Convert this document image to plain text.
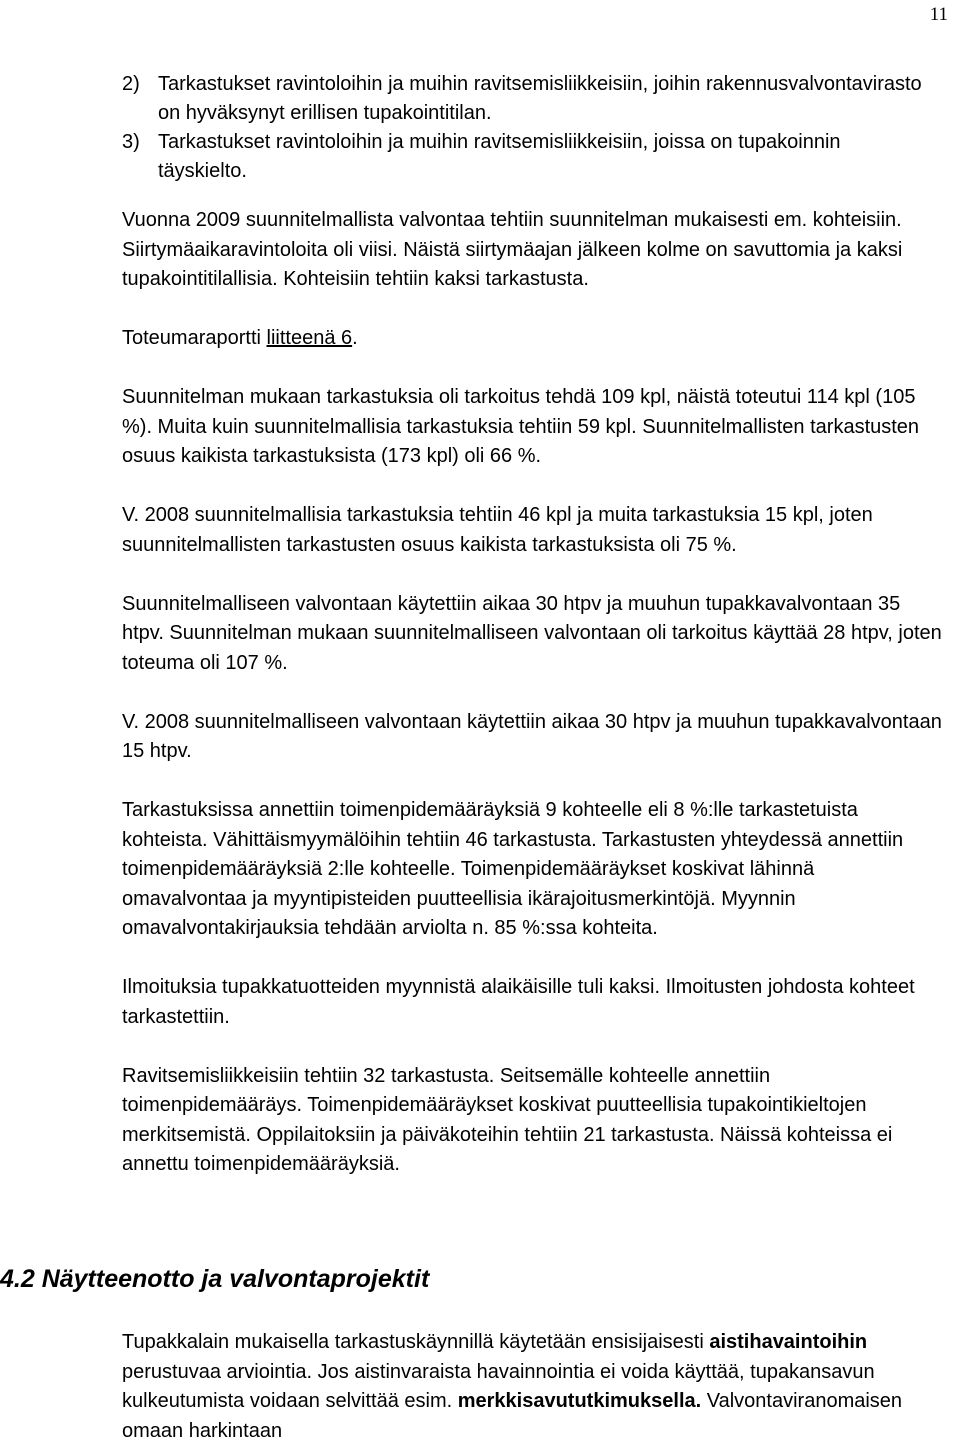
11
2) Tarkastukset ravintoloihin ja muihin ravitsemisliikkeisiin, joihin rakennusvalvontavirasto on hyväksynyt erillisen tupakointitilan.
3) Tarkastukset ravintoloihin ja muihin ravitsemisliikkeisiin, joissa on tupakoinnin täyskielto.

Vuonna 2009 suunnitelmallista valvontaa tehtiin suunnitelman mukaisesti em. kohteisiin. Siirtymäaikaravintoloita oli viisi. Näistä siirtymäajan jälkeen kolme on savuttomia ja kaksi tupakointitilallisia. Kohteisiin tehtiin kaksi tarkastusta.

Toteumaraportti liitteenä 6.

Suunnitelman mukaan tarkastuksia oli tarkoitus tehdä 109 kpl, näistä toteutui 114 kpl (105 %). Muita kuin suunnitelmallisia tarkastuksia tehtiin 59 kpl. Suunnitelmallisten tarkastusten osuus kaikista tarkastuksista (173 kpl) oli 66 %.

V. 2008 suunnitelmallisia tarkastuksia tehtiin 46 kpl ja muita tarkastuksia 15 kpl, joten suunnitelmallisten tarkastusten osuus kaikista tarkastuksista oli 75 %.

Suunnitelmalliseen valvontaan käytettiin aikaa 30 htpv ja muuhun tupakkavalvontaan 35 htpv. Suunnitelman mukaan suunnitelmalliseen valvontaan oli tarkoitus käyttää 28 htpv, joten toteuma oli 107 %.

V. 2008 suunnitelmalliseen valvontaan käytettiin aikaa 30 htpv ja muuhun tupakkavalvontaan 15 htpv.

Tarkastuksissa annettiin toimenpidemääräyksiä 9 kohteelle eli 8 %:lle tarkastetuista kohteista. Vähittäismyymälöihin tehtiin 46 tarkastusta. Tarkastusten yhteydessä annettiin toimenpidemääräyksiä 2:lle kohteelle. Toimenpidemääräykset koskivat lähinnä omavalvontaa ja myyntipisteiden puutteellisia ikärajoitusmerkintöjä. Myynnin omavalvontakirjauksia tehdään arviolta n. 85 %:ssa kohteita.

Ilmoituksia tupakkatuotteiden myynnistä alaikäisille tuli kaksi. Ilmoitusten johdosta kohteet tarkastettiin.

Ravitsemisliikkeisiin tehtiin 32 tarkastusta. Seitsemälle kohteelle annettiin toimenpidemääräys. Toimenpidemääräykset koskivat puutteellisia tupakointikieltojen merkitsemistä. Oppilaitoksiin ja päiväkoteihin tehtiin 21 tarkastusta. Näissä kohteissa ei annettu toimenpidemääräyksiä.

4.2 Näytteenotto ja valvontaprojektit

Tupakkalain mukaisella tarkastuskäynnillä käytetään ensisijaisesti aistihavaintoihin perustuvaa arviointia. Jos aistinvaraista havainnointia ei voida käyttää, tupakansavun kulkeutumista voidaan selvittää esim. merkkisavututkimuksella. Valvontaviranomaisen omaan harkintaan
